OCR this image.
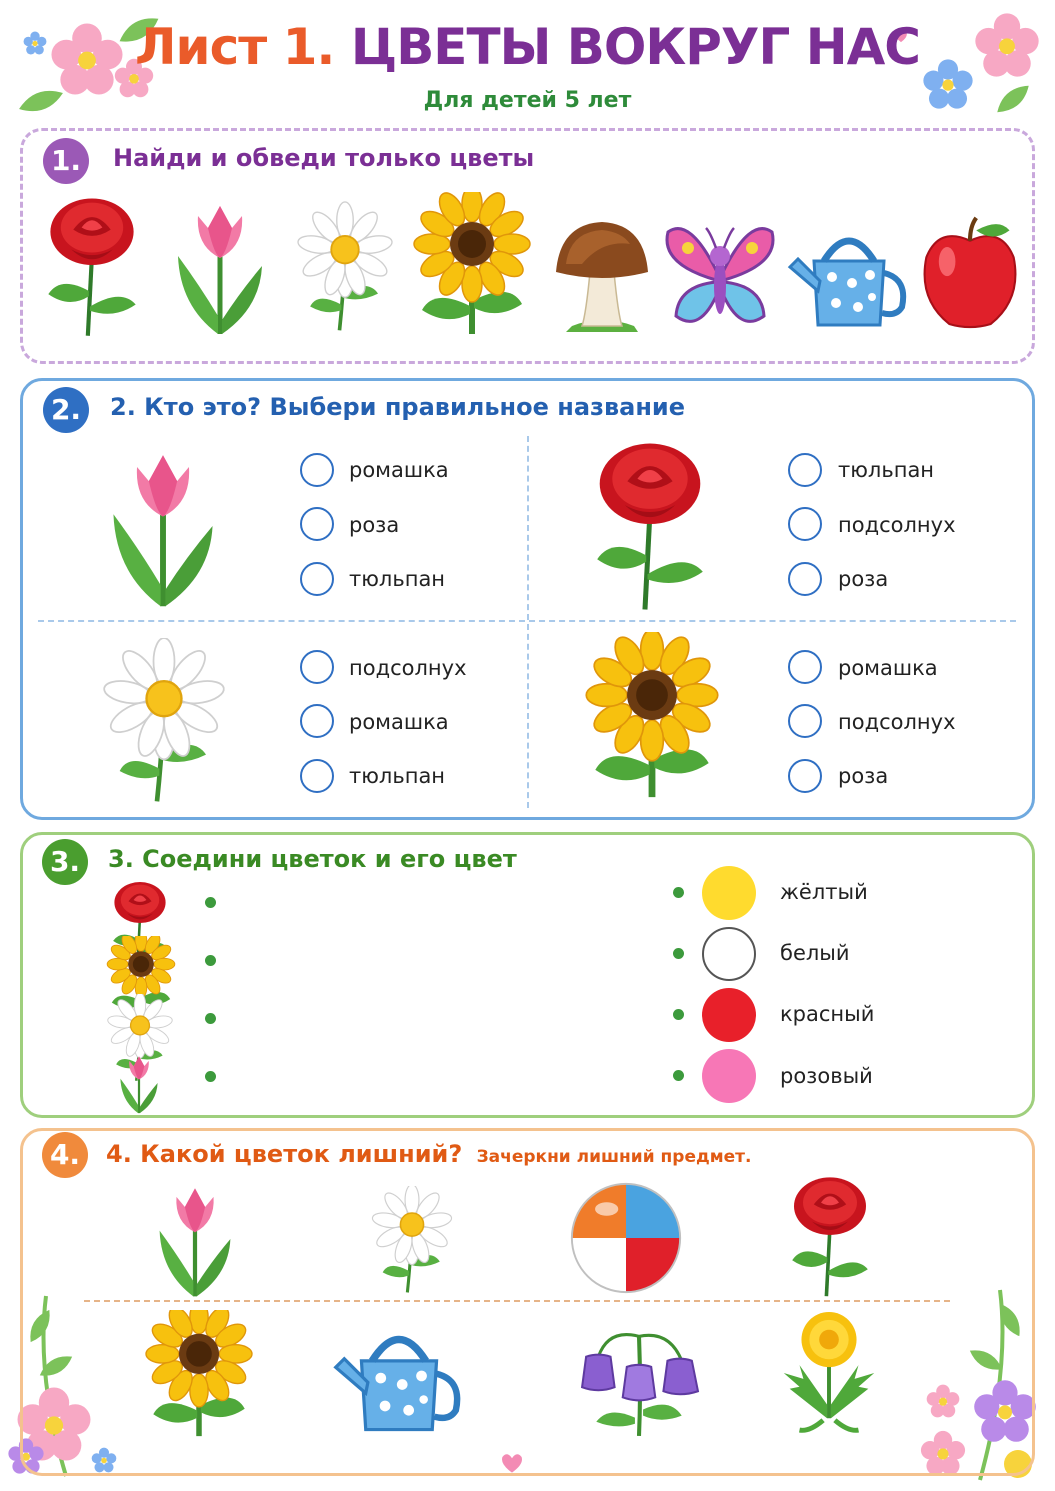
Лист 1. ЦВЕТЫ ВОКРУГ НАС
Для детей 5 лет
1.	Найди и обведи только цветы
2.	2. Кто это? Выбери правильное название
ромашка
роза
тюльпан
тюльпан
подсолнух
роза
подсолнух
ромашка
тюльпан
ромашка
подсолнух
роза
3.	3. Соедини цветок и его цвет
жёлтый
белый
красный
розовый
4.	4. Какой цветок лишний? Зачеркни лишний предмет.
